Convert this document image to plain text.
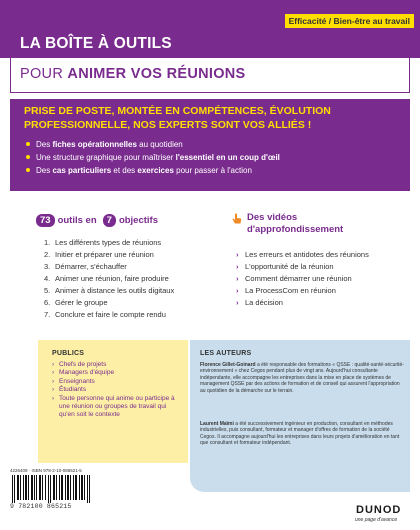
Efficacité / Bien-être au travail
LA BOÎTE À OUTILS
POUR ANIMER VOS RÉUNIONS
PRISE DE POSTE, MONTÉE EN COMPÉTENCES, ÉVOLUTION PROFESSIONNELLE, NOS EXPERTS SONT VOS ALLIÉS !
Des fiches opérationnelles au quotidien
Une structure graphique pour maîtriser l'essentiel en un coup d'œil
Des cas particuliers et des exercices pour passer à l'action
73 outils en	7 objectifs
1. Les différents types de réunions
2. Initier et préparer une réunion
3. Démarrer, s'échauffer
4. Animer une réunion, faire produire
5. Animer à distance les outils digitaux
6. Gérer le groupe
7. Conclure et faire le compte rendu
Des vidéos
d'approfondissement
› Les erreurs et antidotes des réunions
› L'opportunité de la réunion
› Comment démarrer une réunion
› La ProcessCom en réunion
› La décision
PUBLICS
› Chefs de projets
› Managers d'équipe
› Enseignants
› Étudiants
› Toute personne qui anime ou participe à une réunion ou groupes de travail qui qu'en soit le contexte
LES AUTEURS
Florence Gillet-Goinard a été responsable des formations « QSSE : qualité-santé-sécurité-environnement » chez Cegos pendant plus de vingt ans. Aujourd'hui consultante indépendante, elle accompagne les entreprises dans la mise en place de systèmes de management QSSE par des actions de formation et de conseil qui assurent l'appropriation au quotidien de la démarche sur le terrain.
Laurent Maïmi a été successivement ingénieur en production, consultant en méthodes industrielles, puis consultant, formateur et manager d'offres de formation de la société Cegos. Il accompagne aujourd'hui les entreprises dans leurs projets d'amélioration en tant que consultant et formateur indépendant.
4226409 · ISBN 978-2-10-086521-5
9 782100 865215	DUNOD
une page d'avance
